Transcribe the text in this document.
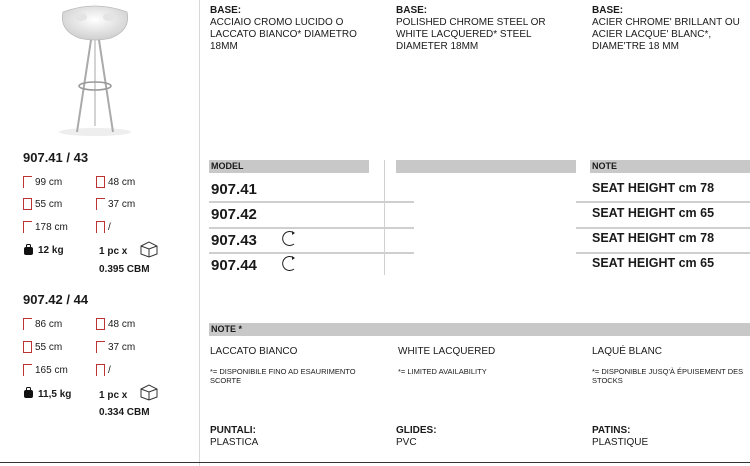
907.41 / 43
99 cm	48 cm
55 cm	37 cm
178 cm	/
12 kg	1 pc x
0.395 CBM
907.42 / 44
86 cm	48 cm
55 cm	37 cm
165 cm	/
11,5 kg	1 pc x
0.334 CBM
BASE:
ACCIAIO CROMO LUCIDO O LACCATO BIANCO* DIAMETRO 18MM
BASE:
POLISHED CHROME STEEL OR WHITE LACQUERED* STEEL DIAMETER 18MM
BASE:
ACIER CHROME' BRILLANT OU ACIER LACQUE' BLANC*, DIAME'TRE 18 MM
MODEL	NOTE
907.41	SEAT HEIGHT cm 78
907.42	SEAT HEIGHT cm 65
907.43	SEAT HEIGHT cm 78
907.44	SEAT HEIGHT cm 65
NOTE *
LACCATO BIANCO	WHITE LACQUERED	LAQUÉ BLANC
*= DISPONIBILE FINO AD ESAURIMENTO SCORTE
*= LIMITED AVAILABILITY	*= DISPONIBLE JUSQ'À ÉPUISEMENT DES STOCKS
PUNTALI:
PLASTICA
GLIDES:
PVC
PATINS:
PLASTIQUE
